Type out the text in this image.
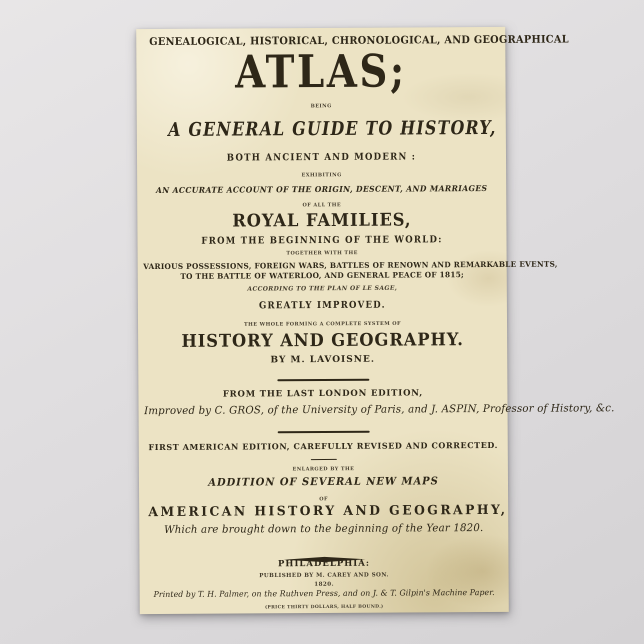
GENEALOGICAL, HISTORICAL, CHRONOLOGICAL, AND GEOGRAPHICAL
ATLAS;
BEING
A GENERAL GUIDE TO HISTORY,
BOTH ANCIENT AND MODERN :
EXHIBITING
AN ACCURATE ACCOUNT OF THE ORIGIN, DESCENT, AND MARRIAGES
OF ALL THE
ROYAL FAMILIES,
FROM THE BEGINNING OF THE WORLD:
TOGETHER WITH THE
VARIOUS POSSESSIONS, FOREIGN WARS, BATTLES OF RENOWN AND REMARKABLE EVENTS,
TO THE BATTLE OF WATERLOO, AND GENERAL PEACE OF 1815;
ACCORDING TO THE PLAN OF LE SAGE,
GREATLY IMPROVED.
THE WHOLE FORMING A COMPLETE SYSTEM OF
HISTORY AND GEOGRAPHY.
BY M. LAVOISNE.
FROM THE LAST LONDON EDITION,
Improved by C. GROS, of the University of Paris, and J. ASPIN, Professor of History, &c.
FIRST AMERICAN EDITION, CAREFULLY REVISED AND CORRECTED.
ENLARGED BY THE
ADDITION OF SEVERAL NEW MAPS
OF
AMERICAN HISTORY AND GEOGRAPHY,
Which are brought down to the beginning of the Year 1820.
PHILADELPHIA:
PUBLISHED BY M. CAREY AND SON.
1820.
Printed by T. H. Palmer, on the Ruthven Press, and on J. & T. Gilpin's Machine Paper.
(PRICE THIRTY DOLLARS, HALF BOUND.)
